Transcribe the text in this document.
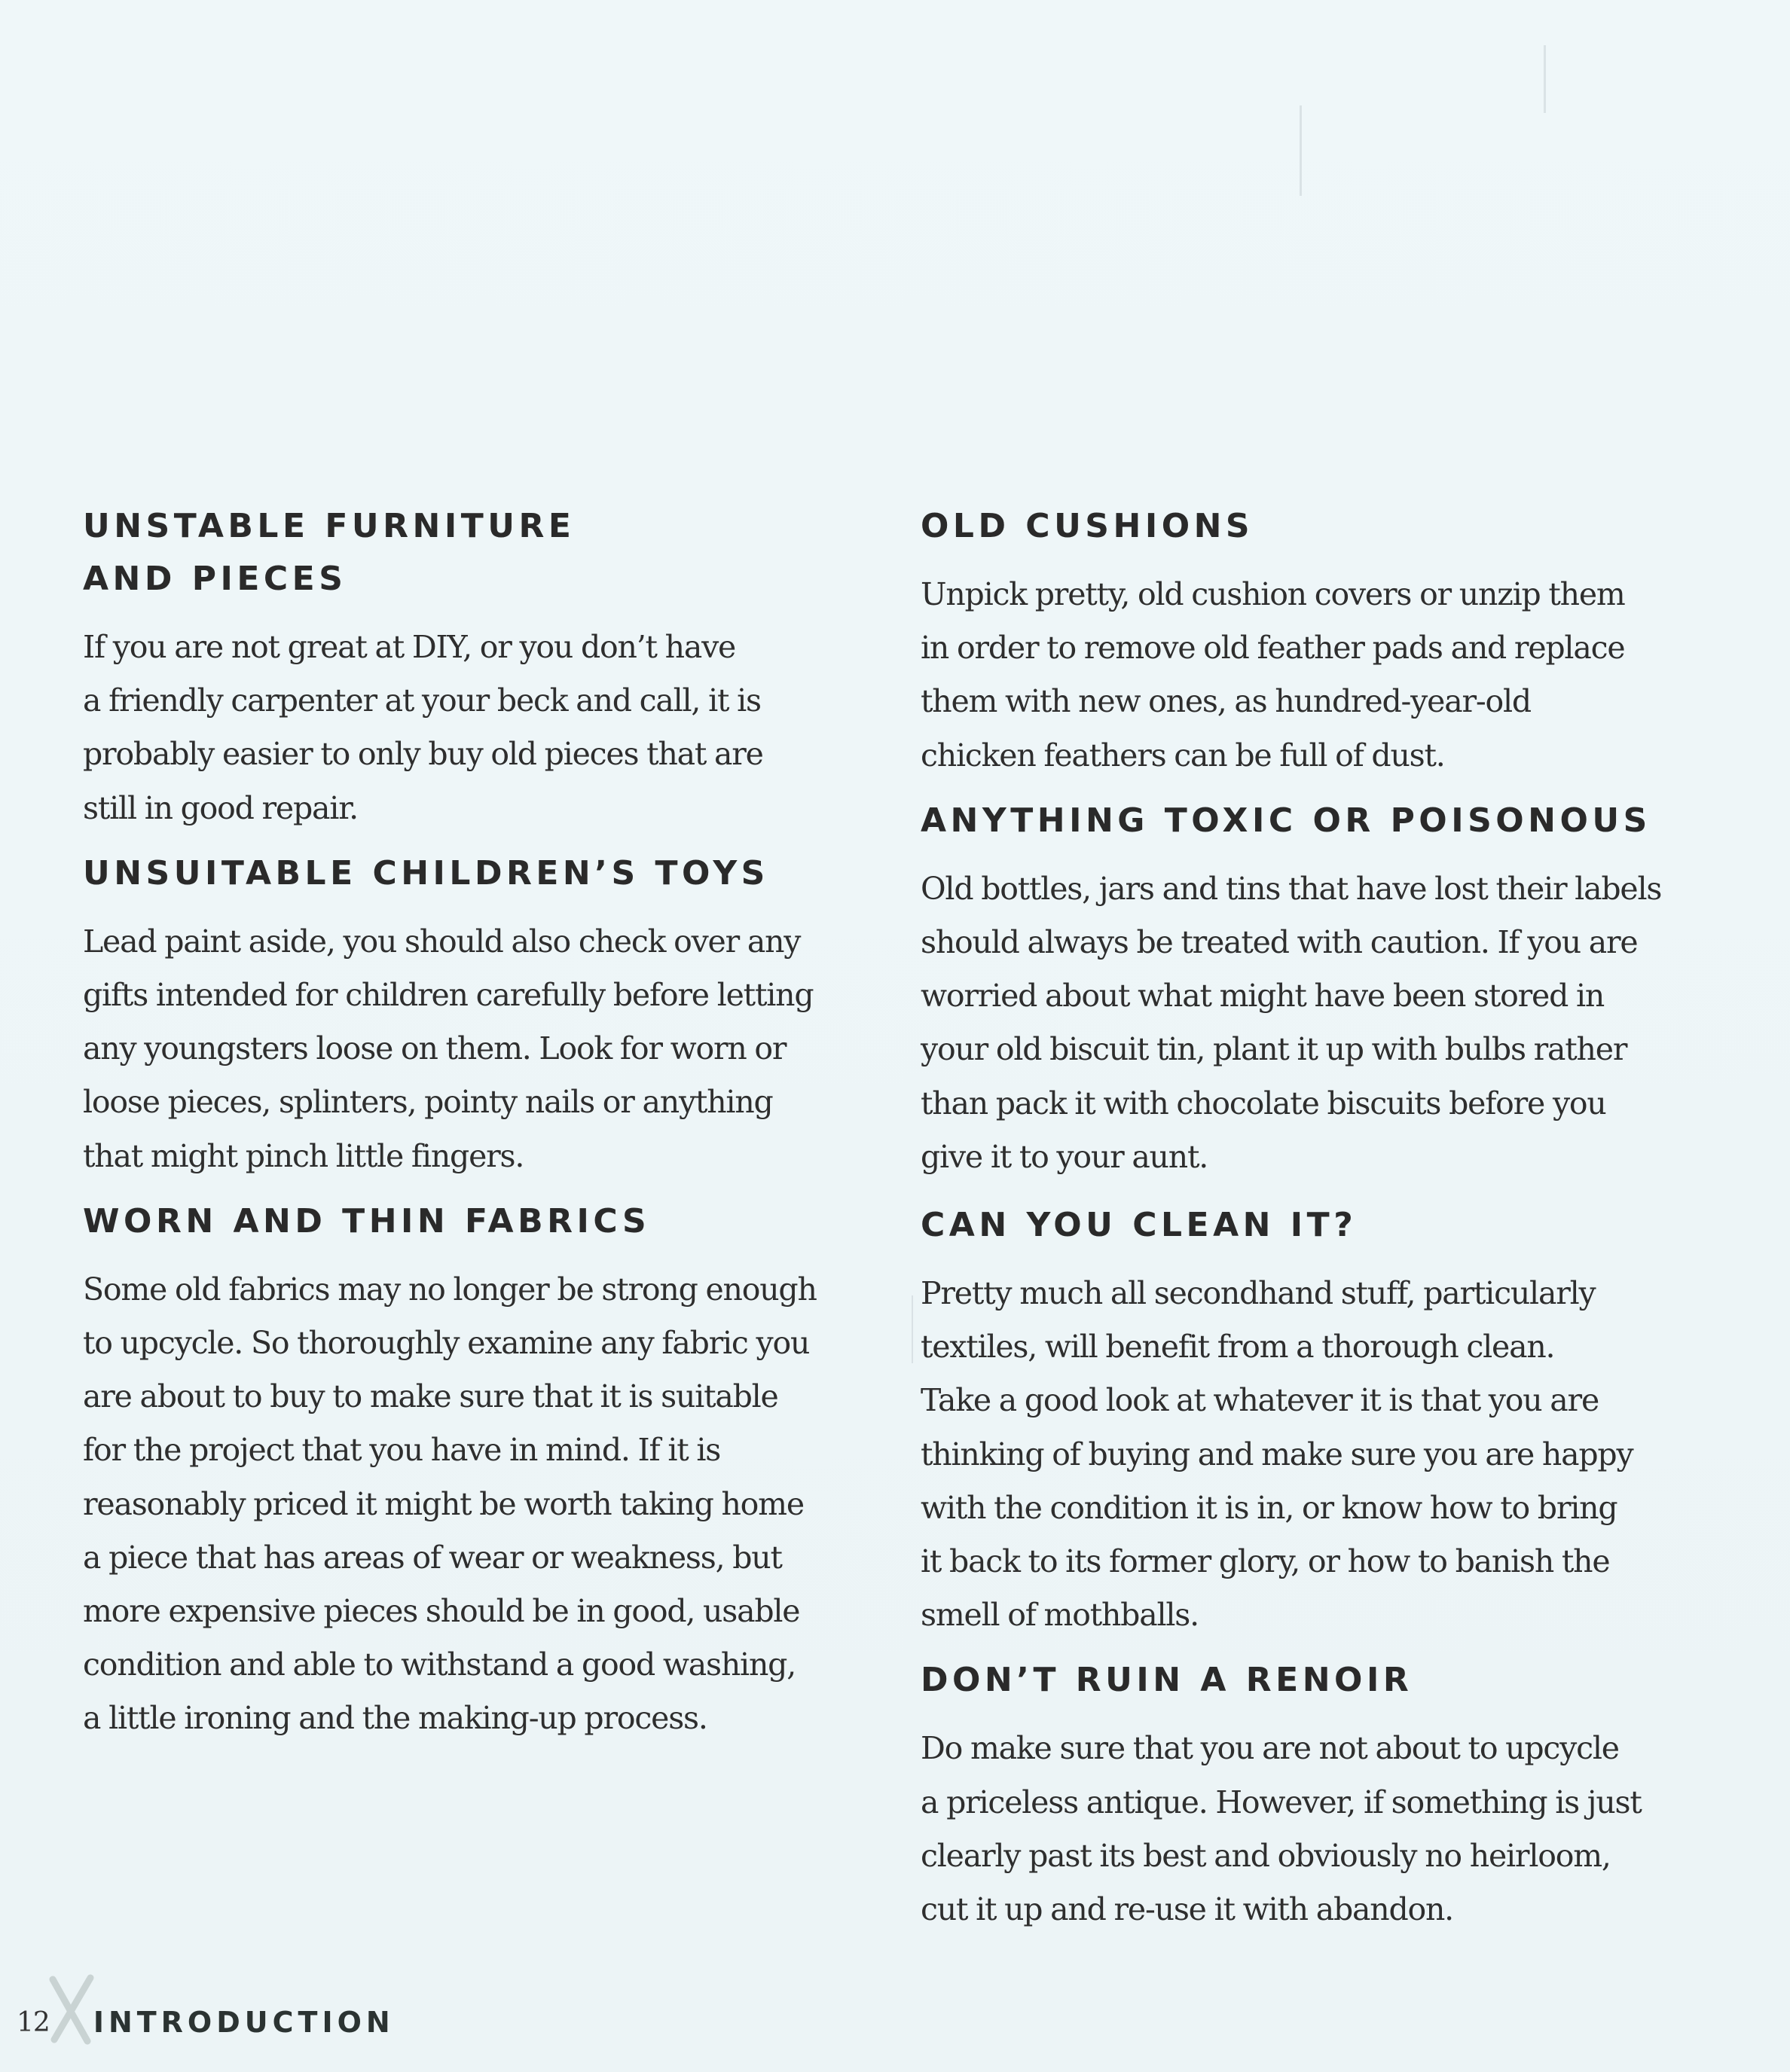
UNSTABLE FURNITURE
AND PIECES

If you are not great at DIY, or you don’t have
a friendly carpenter at your beck and call, it is
probably easier to only buy old pieces that are
still in good repair.

UNSUITABLE CHILDREN’S TOYS

Lead paint aside, you should also check over any
gifts intended for children carefully before letting
any youngsters loose on them. Look for worn or
loose pieces, splinters, pointy nails or anything
that might pinch little fingers.

WORN AND THIN FABRICS

Some old fabrics may no longer be strong enough
to upcycle. So thoroughly examine any fabric you
are about to buy to make sure that it is suitable
for the project that you have in mind. If it is
reasonably priced it might be worth taking home
a piece that has areas of wear or weakness, but
more expensive pieces should be in good, usable
condition and able to withstand a good washing,
a little ironing and the making-up process.

OLD CUSHIONS

Unpick pretty, old cushion covers or unzip them
in order to remove old feather pads and replace
them with new ones, as hundred-year-old
chicken feathers can be full of dust.

ANYTHING TOXIC OR POISONOUS

Old bottles, jars and tins that have lost their labels
should always be treated with caution. If you are
worried about what might have been stored in
your old biscuit tin, plant it up with bulbs rather
than pack it with chocolate biscuits before you
give it to your aunt.

CAN YOU CLEAN IT?

Pretty much all secondhand stuff, particularly
textiles, will benefit from a thorough clean.
Take a good look at whatever it is that you are
thinking of buying and make sure you are happy
with the condition it is in, or know how to bring
it back to its former glory, or how to banish the
smell of mothballs.

DON’T RUIN A RENOIR

Do make sure that you are not about to upcycle
a priceless antique. However, if something is just
clearly past its best and obviously no heirloom,
cut it up and re-use it with abandon.

12 INTRODUCTION
